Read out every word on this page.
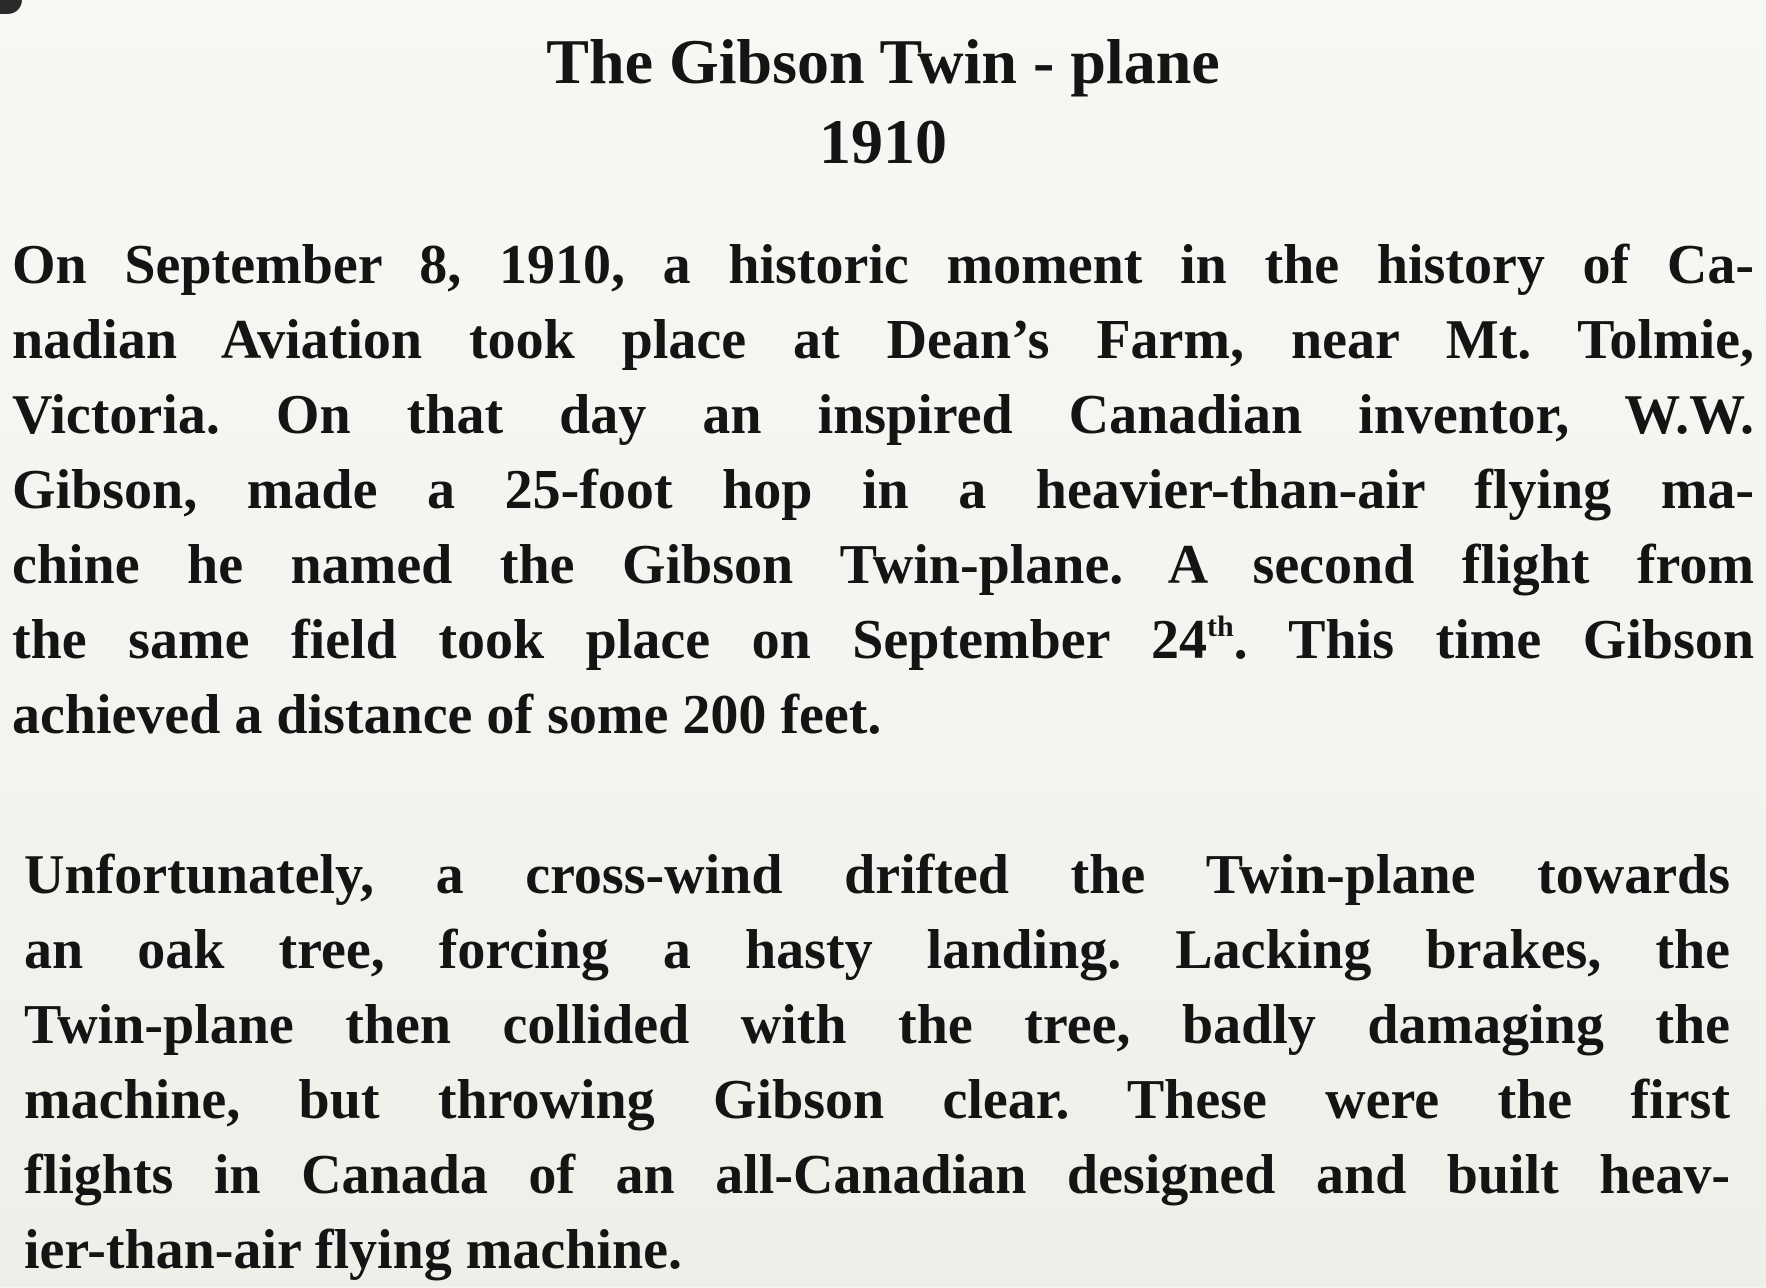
The Gibson Twin - plane
1910
On September 8, 1910, a historic moment in the history of Ca-
nadian Aviation took place at Dean’s Farm, near Mt. Tolmie,
Victoria. On that day an inspired Canadian inventor, W.W.
Gibson, made a 25-foot hop in a heavier-than-air flying ma-
chine he named the Gibson Twin-plane. A second flight from
the same field took place on September 24th. This time Gibson
achieved a distance of some 200 feet.
Unfortunately, a cross-wind drifted the Twin-plane towards
an oak tree, forcing a hasty landing. Lacking brakes, the
Twin-plane then collided with the tree, badly damaging the
machine, but throwing Gibson clear. These were the first
flights in Canada of an all-Canadian designed and built heav-
ier-than-air flying machine.
